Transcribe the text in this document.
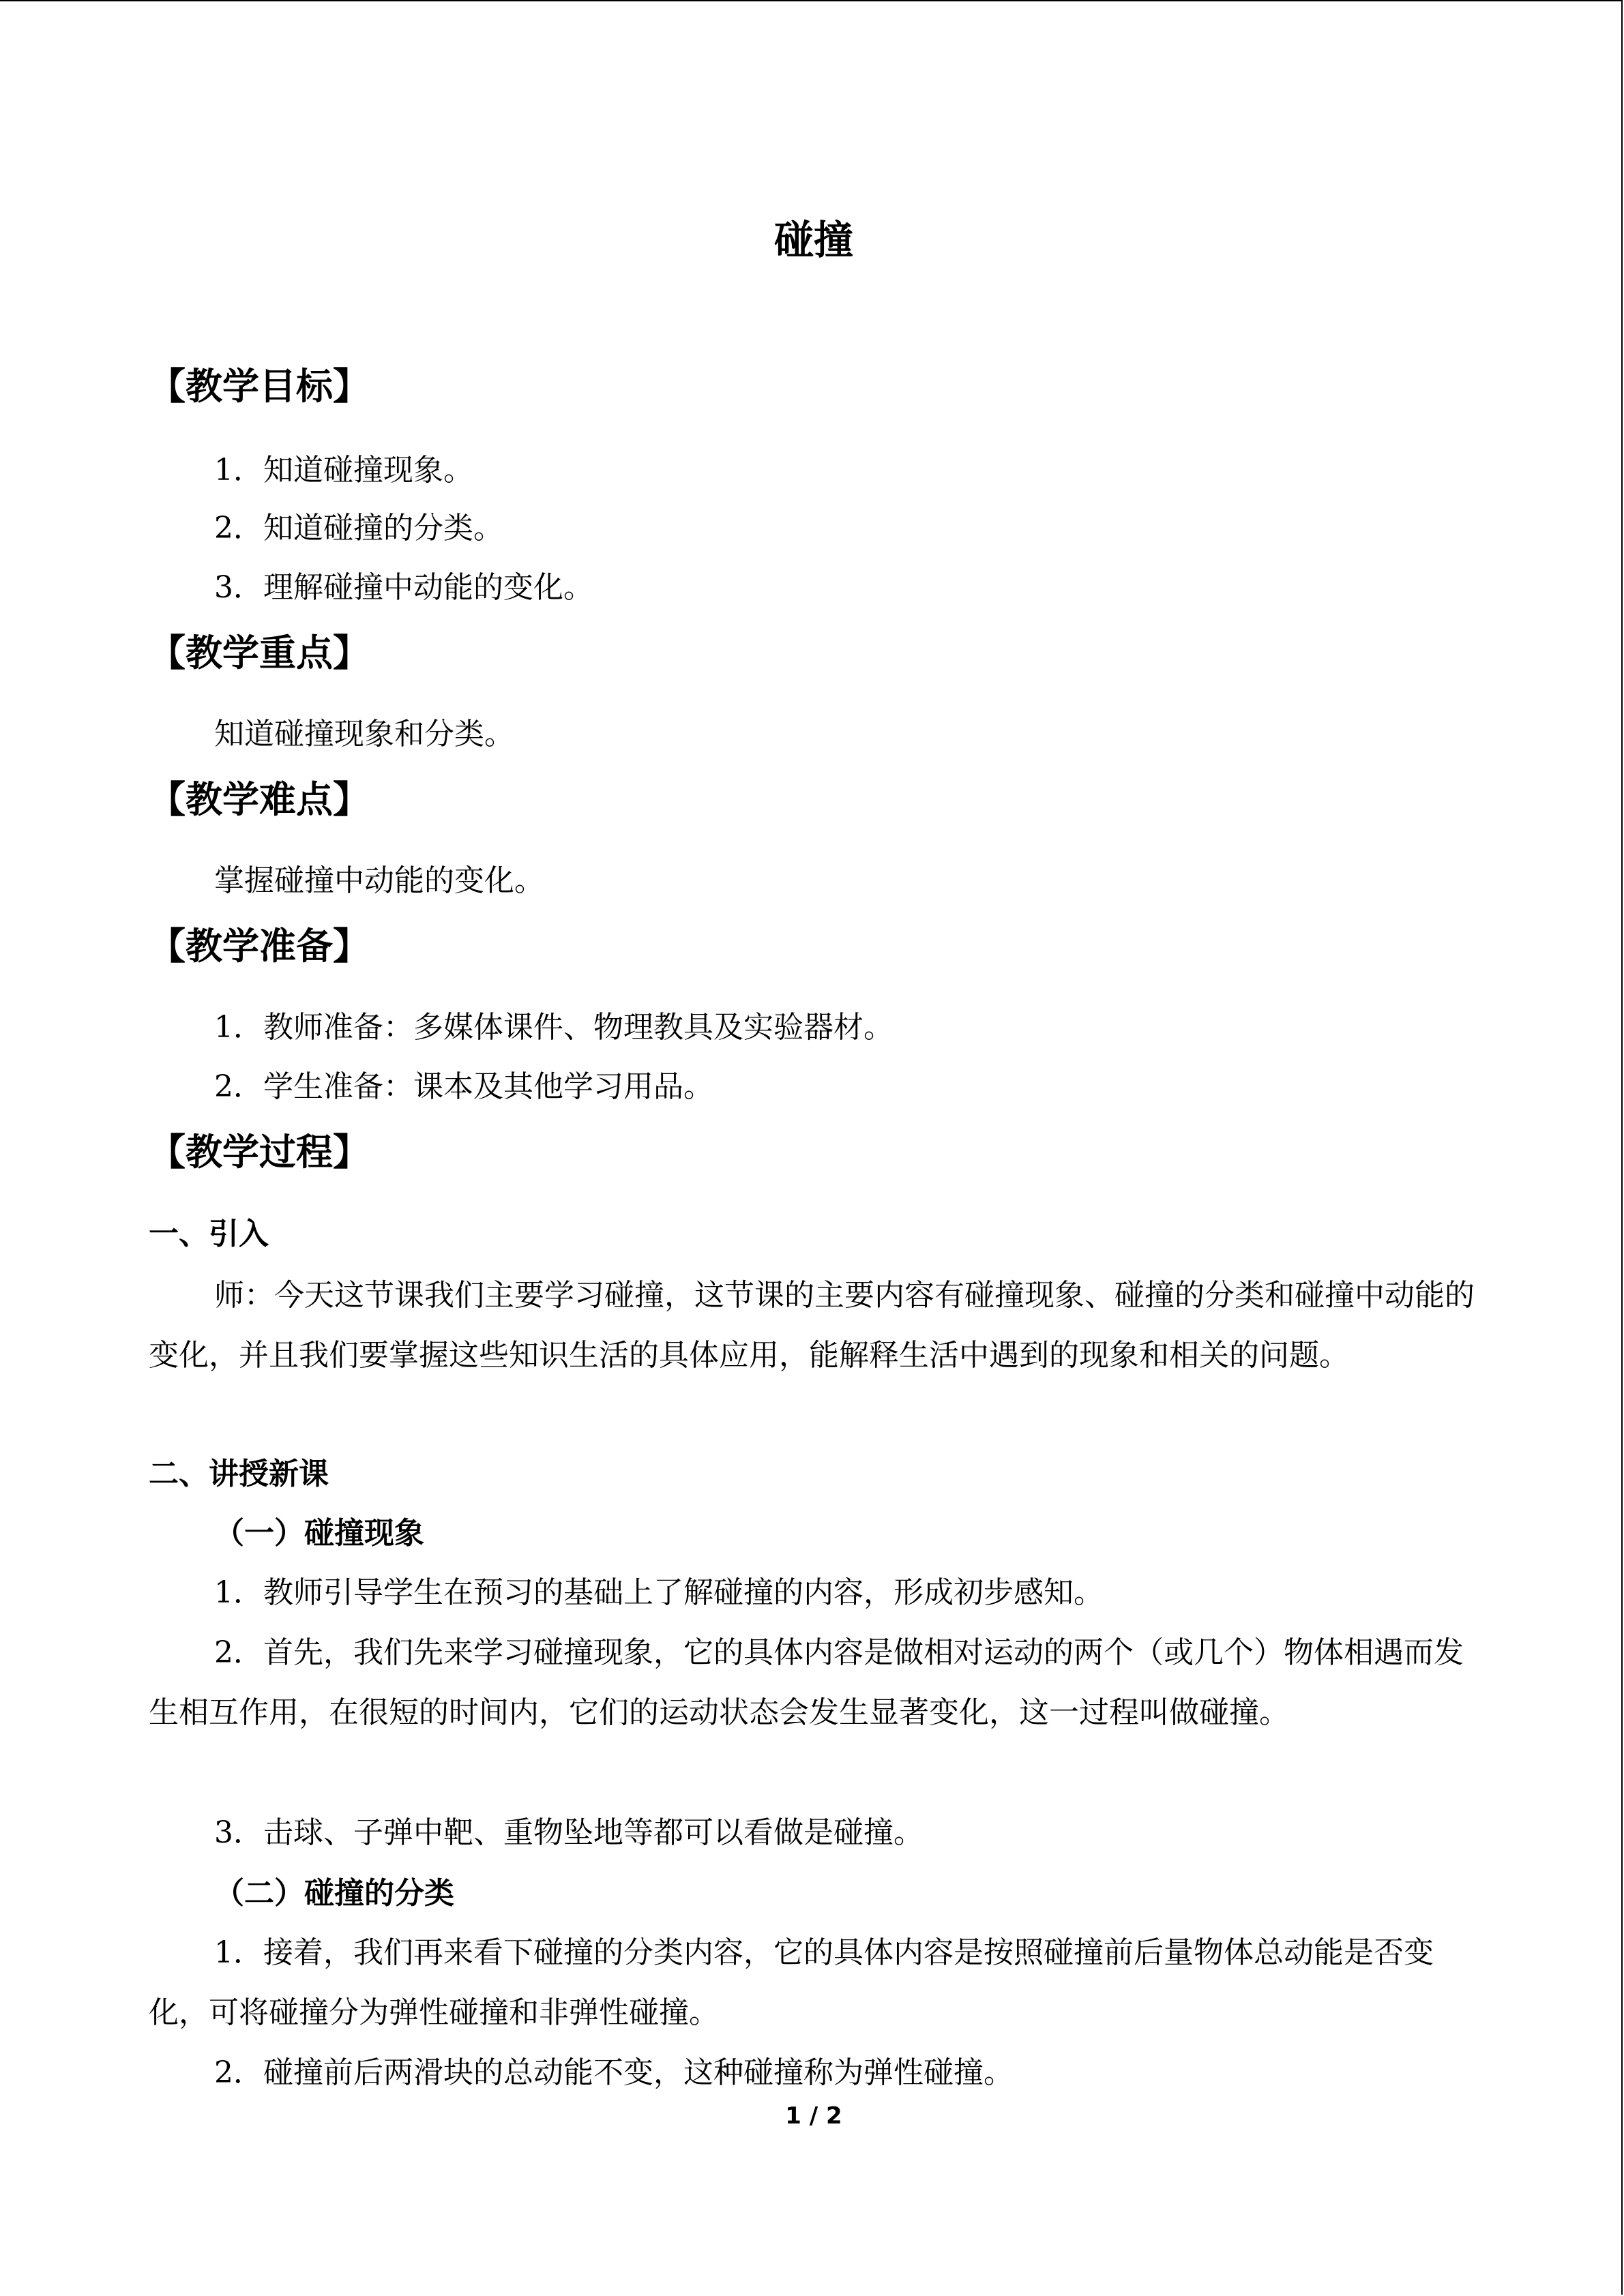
碰撞
【教学目标】
1．知道碰撞现象。
2．知道碰撞的分类。
3．理解碰撞中动能的变化。
【教学重点】
知道碰撞现象和分类。
【教学难点】
掌握碰撞中动能的变化。
【教学准备】
1．教师准备：多媒体课件、物理教具及实验器材。
2．学生准备：课本及其他学习用品。
【教学过程】
一、引入

师：今天这节课我们主要学习碰撞，这节课的主要内容有碰撞现象、碰撞的分类和碰撞中动能的变化，并且我们要掌握这些知识生活的具体应用，能解释生活中遇到的现象和相关的问题。

二、讲授新课
（一）碰撞现象

1．教师引导学生在预习的基础上了解碰撞的内容，形成初步感知。

2．首先，我们先来学习碰撞现象，它的具体内容是做相对运动的两个（或几个）物体相遇而发生相互作用，在很短的时间内，它们的运动状态会发生显著变化，这一过程叫做碰撞。

3．击球、子弹中靶、重物坠地等都可以看做是碰撞。

（二）碰撞的分类

1．接着，我们再来看下碰撞的分类内容，它的具体内容是按照碰撞前后量物体总动能是否变化，可将碰撞分为弹性碰撞和非弹性碰撞。

2．碰撞前后两滑块的总动能不变，这种碰撞称为弹性碰撞。

1 / 2
